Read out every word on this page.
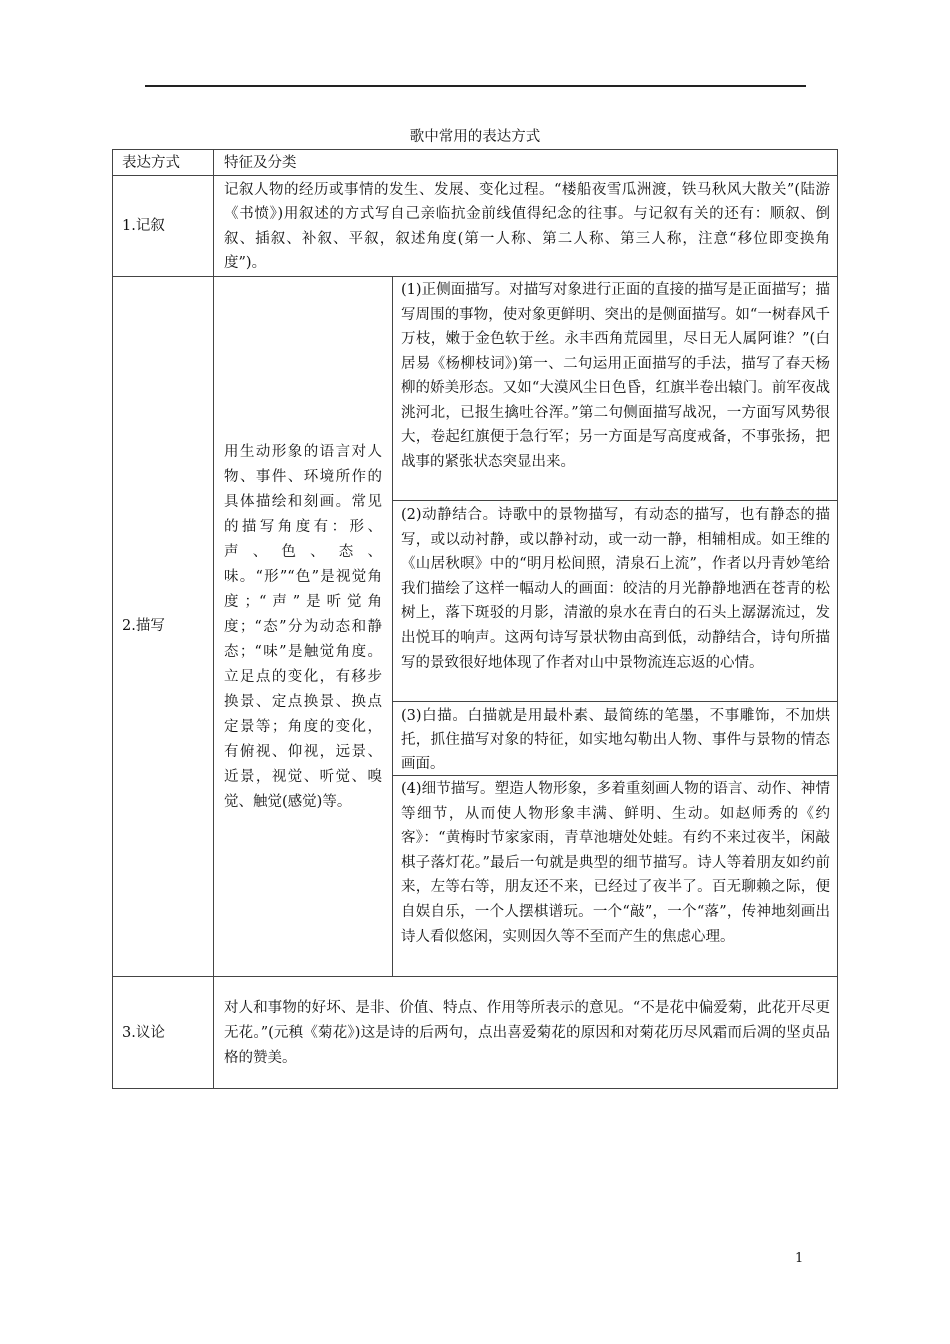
歌中常用的表达方式
表达方式	特征及分类
1.记叙
记叙人物的经历或事情的发生、发展、变化过程。“楼船夜雪瓜洲渡，铁马秋风大散关”(陆游《书愤》)用叙述的方式写自己亲临抗金前线值得纪念的往事。与记叙有关的还有：顺叙、倒叙、插叙、补叙、平叙，叙述角度(第一人称、第二人称、第三人称，注意“移位即变换角度”)。
2.描写
用生动形象的语言对人物、事件、环境所作的具体描绘和刻画。常见的描写角度有：形、声、色、态、味。“形”“色”是视觉角度；“声”是听觉角度；“态”分为动态和静态；“味”是触觉角度。立足点的变化，有移步换景、定点换景、换点定景等；角度的变化，有俯视、仰视，远景、近景，视觉、听觉、嗅觉、触觉(感觉)等。
(1)正侧面描写。对描写对象进行正面的直接的描写是正面描写；描写周围的事物，使对象更鲜明、突出的是侧面描写。如“一树春风千万枝，嫩于金色软于丝。永丰西角荒园里，尽日无人属阿谁？”(白居易《杨柳枝词》)第一、二句运用正面描写的手法，描写了春天杨柳的娇美形态。又如“大漠风尘日色昏，红旗半卷出辕门。前军夜战洮河北，已报生擒吐谷浑。”第二句侧面描写战况，一方面写风势很大，卷起红旗便于急行军；另一方面是写高度戒备，不事张扬，把战事的紧张状态突显出来。
(2)动静结合。诗歌中的景物描写，有动态的描写，也有静态的描写，或以动衬静，或以静衬动，或一动一静，相辅相成。如王维的《山居秋暝》中的“明月松间照，清泉石上流”，作者以丹青妙笔给我们描绘了这样一幅动人的画面：皎洁的月光静静地洒在苍青的松树上，落下斑驳的月影，清澈的泉水在青白的石头上潺潺流过，发出悦耳的响声。这两句诗写景状物由高到低，动静结合，诗句所描写的景致很好地体现了作者对山中景物流连忘返的心情。
(3)白描。白描就是用最朴素、最简练的笔墨，不事雕饰，不加烘托，抓住描写对象的特征，如实地勾勒出人物、事件与景物的情态画面。
(4)细节描写。塑造人物形象，多着重刻画人物的语言、动作、神情等细节，从而使人物形象丰满、鲜明、生动。如赵师秀的《约客》：“黄梅时节家家雨，青草池塘处处蛙。有约不来过夜半，闲敲棋子落灯花。”最后一句就是典型的细节描写。诗人等着朋友如约前来，左等右等，朋友还不来，已经过了夜半了。百无聊赖之际，便自娱自乐，一个人摆棋谱玩。一个“敲”，一个“落”，传神地刻画出诗人看似悠闲，实则因久等不至而产生的焦虑心理。
3.议论
对人和事物的好坏、是非、价值、特点、作用等所表示的意见。“不是花中偏爱菊，此花开尽更无花。”(元稹《菊花》)这是诗的后两句，点出喜爱菊花的原因和对菊花历尽风霜而后凋的坚贞品格的赞美。
1
